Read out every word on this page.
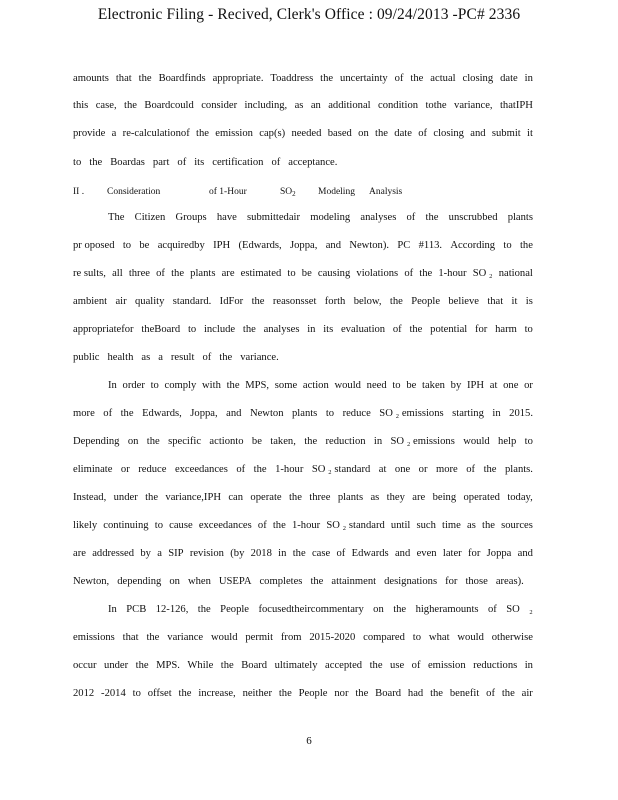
Electronic Filing - Recived, Clerk's Office : 09/24/2013 -PC# 2336
amounts that the Boardfinds appropriate. Toaddress the uncertainty of the actual closing date in
this case, the Boardcould consider including, as an additional condition tothe variance, thatIPH
provide a re-calculationof the emission cap(s) needed based on the date of closing and submit it
to the Boardas part of its certification of acceptance.
The Citizen Groups have submittedair modeling analyses of the unscrubbed plants
pr oposed to be acquiredby IPH (Edwards, Joppa, and Newton). PC #113. According to the
re sults, all three of the plants are estimated to be causing violations of the 1-hour SO ₂ national
ambient air quality standard. IdFor the reasonsset forth below, the People believe that it is
appropriatefor theBoard to include the analyses in its evaluation of the potential for harm to
public health as a result of the variance.
In order to comply with the MPS, some action would need to be taken by IPH at one or
more of the Edwards, Joppa, and Newton plants to reduce SO ₂ emissions starting in 2015.
Depending on the specific actionto be taken, the reduction in SO ₂ emissions would help to
eliminate or reduce exceedances of the 1-hour SO ₂ standard at one or more of the plants.
Instead, under the variance,IPH can operate the three plants as they are being operated today,
likely continuing to cause exceedances of the 1-hour SO ₂ standard until such time as the sources
are addressed by a SIP revision (by 2018 in the case of Edwards and even later for Joppa and
Newton, depending on when USEPA completes the attainment designations for those areas).
In PCB 12-126, the People focusedtheircommentary on the higheramounts of SO ₂
emissions that the variance would permit from 2015-2020 compared to what would otherwise
occur under the MPS. While the Board ultimately accepted the use of emission reductions in
2012 -2014 to offset the increase, neither the People nor the Board had the benefit of the air
II . Consideration	of 1-Hour	$SO_2$ Modeling Analysis
6
